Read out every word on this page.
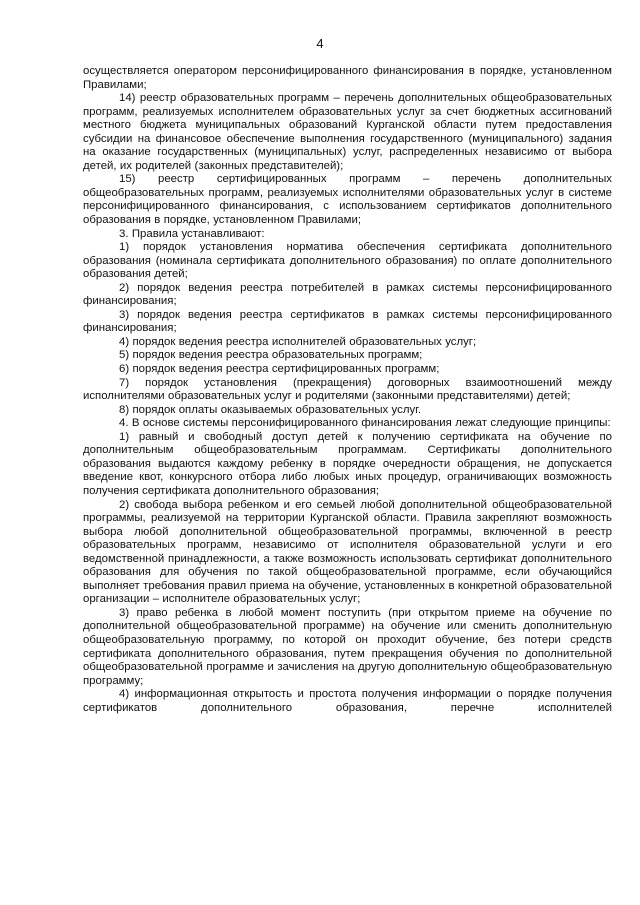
4

осуществляется оператором персонифицированного финансирования в порядке, установленном Правилами;

14) реестр образовательных программ – перечень дополнительных общеобразовательных программ, реализуемых исполнителем образовательных услуг за счет бюджетных ассигнований местного бюджета муниципальных образований Курганской области путем предоставления субсидии на финансовое обеспечение выполнения государственного (муниципального) задания на оказание государственных (муниципальных) услуг, распределенных независимо от выбора детей, их родителей (законных представителей);

15) реестр сертифицированных программ – перечень дополнительных общеобразовательных программ, реализуемых исполнителями образовательных услуг в системе персонифицированного финансирования, с использованием сертификатов дополнительного образования в порядке, установленном Правилами;

3. Правила устанавливают:

1) порядок установления норматива обеспечения сертификата дополнительного образования (номинала сертификата дополнительного образования) по оплате дополнительного образования детей;

2) порядок ведения реестра потребителей в рамках системы персонифицированного финансирования;

3) порядок ведения реестра сертификатов в рамках системы персонифицированного финансирования;

4) порядок ведения реестра исполнителей образовательных услуг;

5) порядок ведения реестра образовательных программ;

6) порядок ведения реестра сертифицированных программ;

7) порядок установления (прекращения) договорных взаимоотношений между исполнителями образовательных услуг и родителями (законными представителями) детей;

8) порядок оплаты оказываемых образовательных услуг.

4. В основе системы персонифицированного финансирования лежат следующие принципы:

1) равный и свободный доступ детей к получению сертификата на обучение по дополнительным общеобразовательным программам. Сертификаты дополнительного образования выдаются каждому ребенку в порядке очередности обращения, не допускается введение квот, конкурсного отбора либо любых иных процедур, ограничивающих возможность получения сертификата дополнительного образования;

2) свобода выбора ребенком и его семьей любой дополнительной общеобразовательной программы, реализуемой на территории Курганской области. Правила закрепляют возможность выбора любой дополнительной общеобразовательной программы, включенной в реестр образовательных программ, независимо от исполнителя образовательной услуги и его ведомственной принадлежности, а также возможность использовать сертификат дополнительного образования для обучения по такой общеобразовательной программе, если обучающийся выполняет требования правил приема на обучение, установленных в конкретной образовательной организации – исполнителе образовательных услуг;

3) право ребенка в любой момент поступить (при открытом приеме на обучение по дополнительной общеобразовательной программе) на обучение или сменить дополнительную общеобразовательную программу, по которой он проходит обучение, без потери средств сертификата дополнительного образования, путем прекращения обучения по дополнительной общеобразовательной программе и зачисления на другую дополнительную общеобразовательную программу;

4) информационная открытость и простота получения информации о порядке получения сертификатов дополнительного образования, перечне исполнителей
